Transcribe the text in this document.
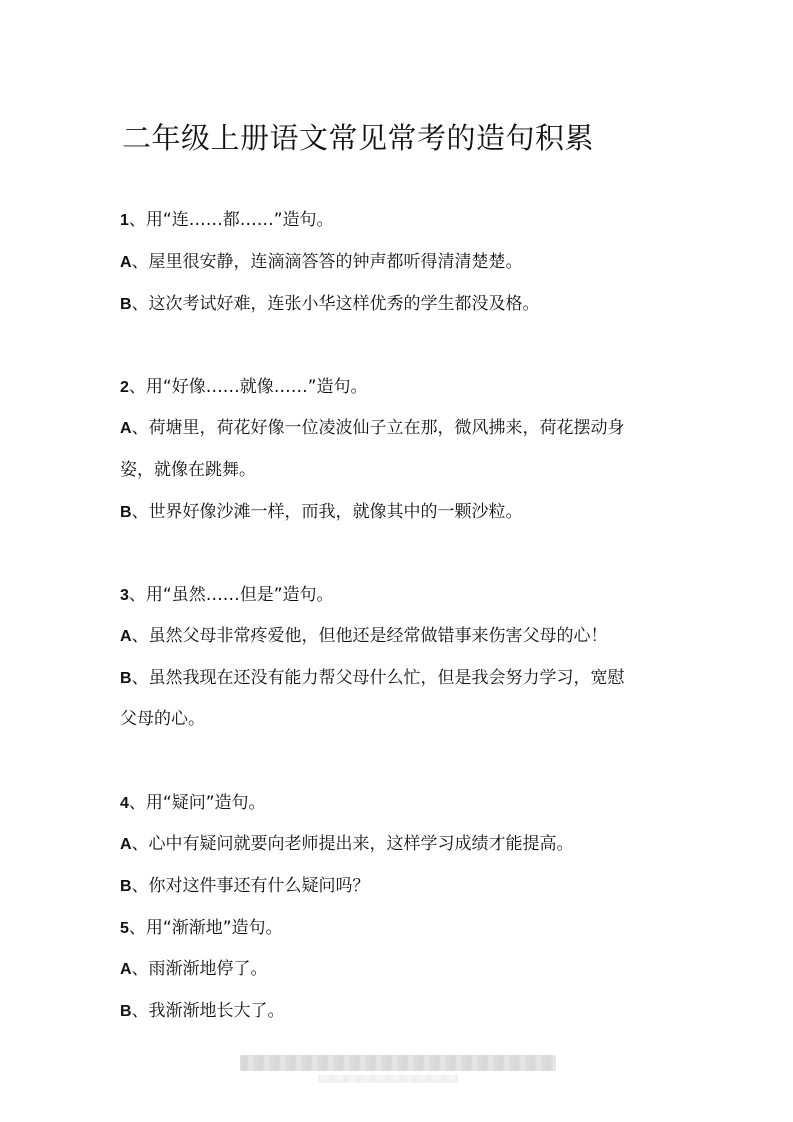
二年级上册语文常见常考的造句积累
1、用“连……都……”造句。
A、屋里很安静，连滴滴答答的钟声都听得清清楚楚。
B、这次考试好难，连张小华这样优秀的学生都没及格。
2、用“好像……就像……”造句。
A、荷塘里，荷花好像一位凌波仙子立在那，微风拂来，荷花摆动身
姿，就像在跳舞。
B、世界好像沙滩一样，而我，就像其中的一颗沙粒。
3、用“虽然……但是”造句。
A、虽然父母非常疼爱他，但他还是经常做错事来伤害父母的心！
B、虽然我现在还没有能力帮父母什么忙，但是我会努力学习，宽慰
父母的心。
4、用“疑问”造句。
A、心中有疑问就要向老师提出来，这样学习成绩才能提高。
B、你对这件事还有什么疑问吗？
5、用“渐渐地”造句。
A、雨渐渐地停了。
B、我渐渐地长大了。
